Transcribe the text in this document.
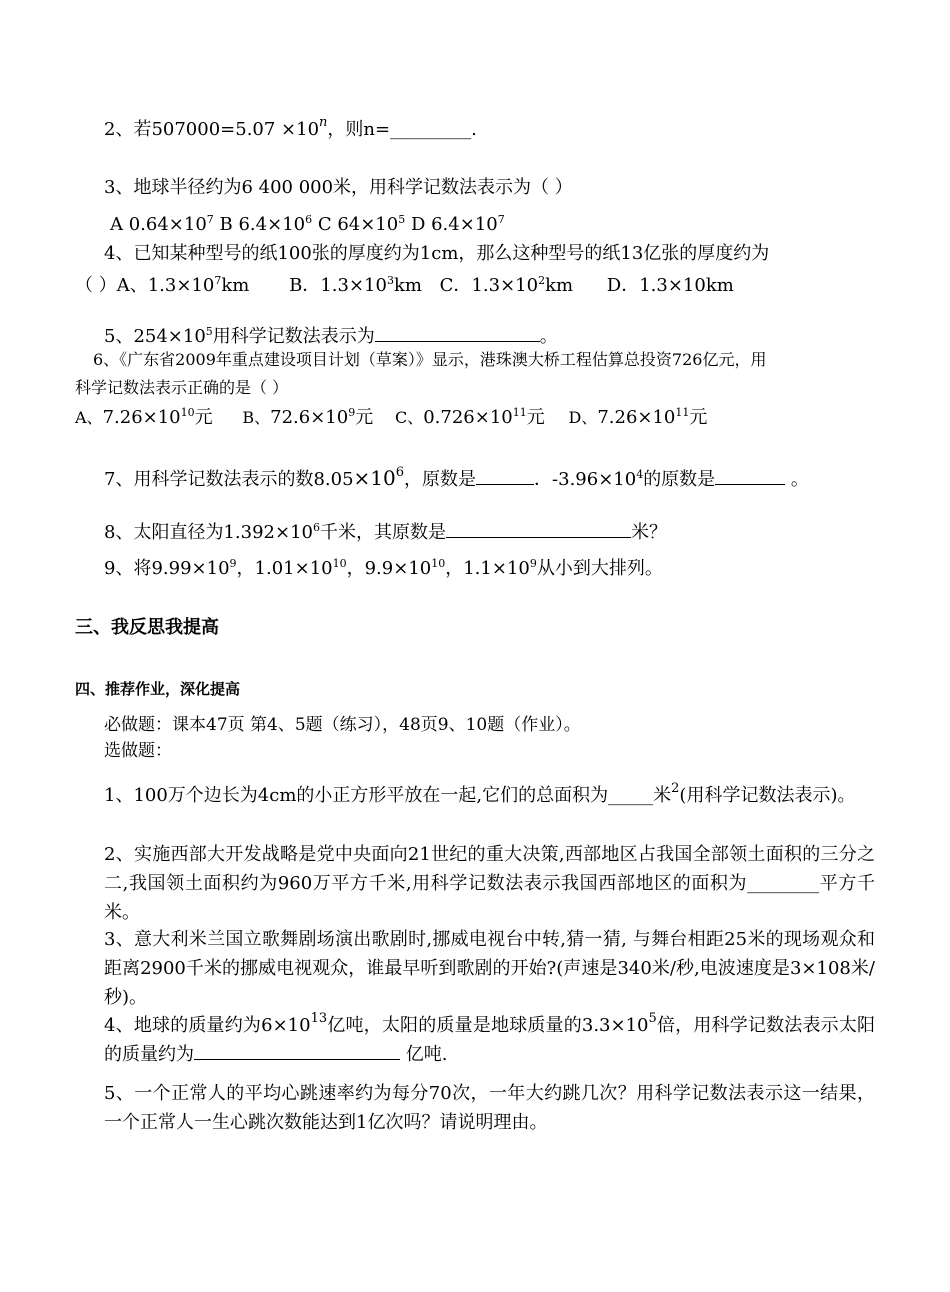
2、若$507000=5.07 \times 10^n$，则n=_________.
3、地球半径约为6 400 000米，用科学记数法表示为（ ）
A $0.64\times 10^7$ B $6.4\times 10^6$ C $64\times 10^5$ D $6.4\times 10^7$
4、已知某种型号的纸100张的厚度约为1cm，那么这种型号的纸13亿张的厚度约为
（ ）A、$1.3\times 10^7km$ B．$1.3\times 10^3km$ C．$1.3\times 10^2km$ D．1.3×10km
5、$254\times 10^5$用科学记数法表示为	。
6、《广东省2009年重点建设项目计划（草案）》显示，港珠澳大桥工程估算总投资726亿元，用
科学记数法表示正确的是（ ）
A、$7.26\times 10^{10}$元 B、$72.6\times 10^9$元 C、$0.726\times 10^{11}$元 D、$7.26\times 10^{11}$元
7、用科学记数法表示的数$8.05\times 10^6$，原数是	．$-3.96\times 10^4$的原数是	。
8、太阳直径为$1.392\times 10^6$千米，其原数是	米？
9、将$9.99\times 10^9$，$1.01\times 10^{10}$，$9.9\times 10^{10}$，$1.1\times 10^9$从小到大排列。
三、我反思我提高
四、推荐作业，深化提高
必做题：课本47页 第4、5题（练习），48页9、10题（作业）。
选做题：
1、100万个边长为4cm的小正方形平放在一起,它们的总面积为_____米$^2$(用科学记数法表示)。
2、实施西部大开发战略是党中央面向21世纪的重大决策,西部地区占我国全部领土面积的三分之二,我国领土面积约为960万平方千米,用科学记数法表示我国西部地区的面积为________平方千米。
3、意大利米兰国立歌舞剧场演出歌剧时,挪威电视台中转,猜一猜, 与舞台相距25米的现场观众和距离2900千米的挪威电视观众，谁最早听到歌剧的开始?(声速是340米/秒,电波速度是3×108米/秒)。
4、地球的质量约为$6\times 10^{13}$亿吨，太阳的质量是地球质量的$3.3\times 10^5$倍，用科学记数法表示太阳的质量约为	亿吨.
5、一个正常人的平均心跳速率约为每分70次，一年大约跳几次？用科学记数法表示这一结果，一个正常人一生心跳次数能达到1亿次吗？请说明理由。
